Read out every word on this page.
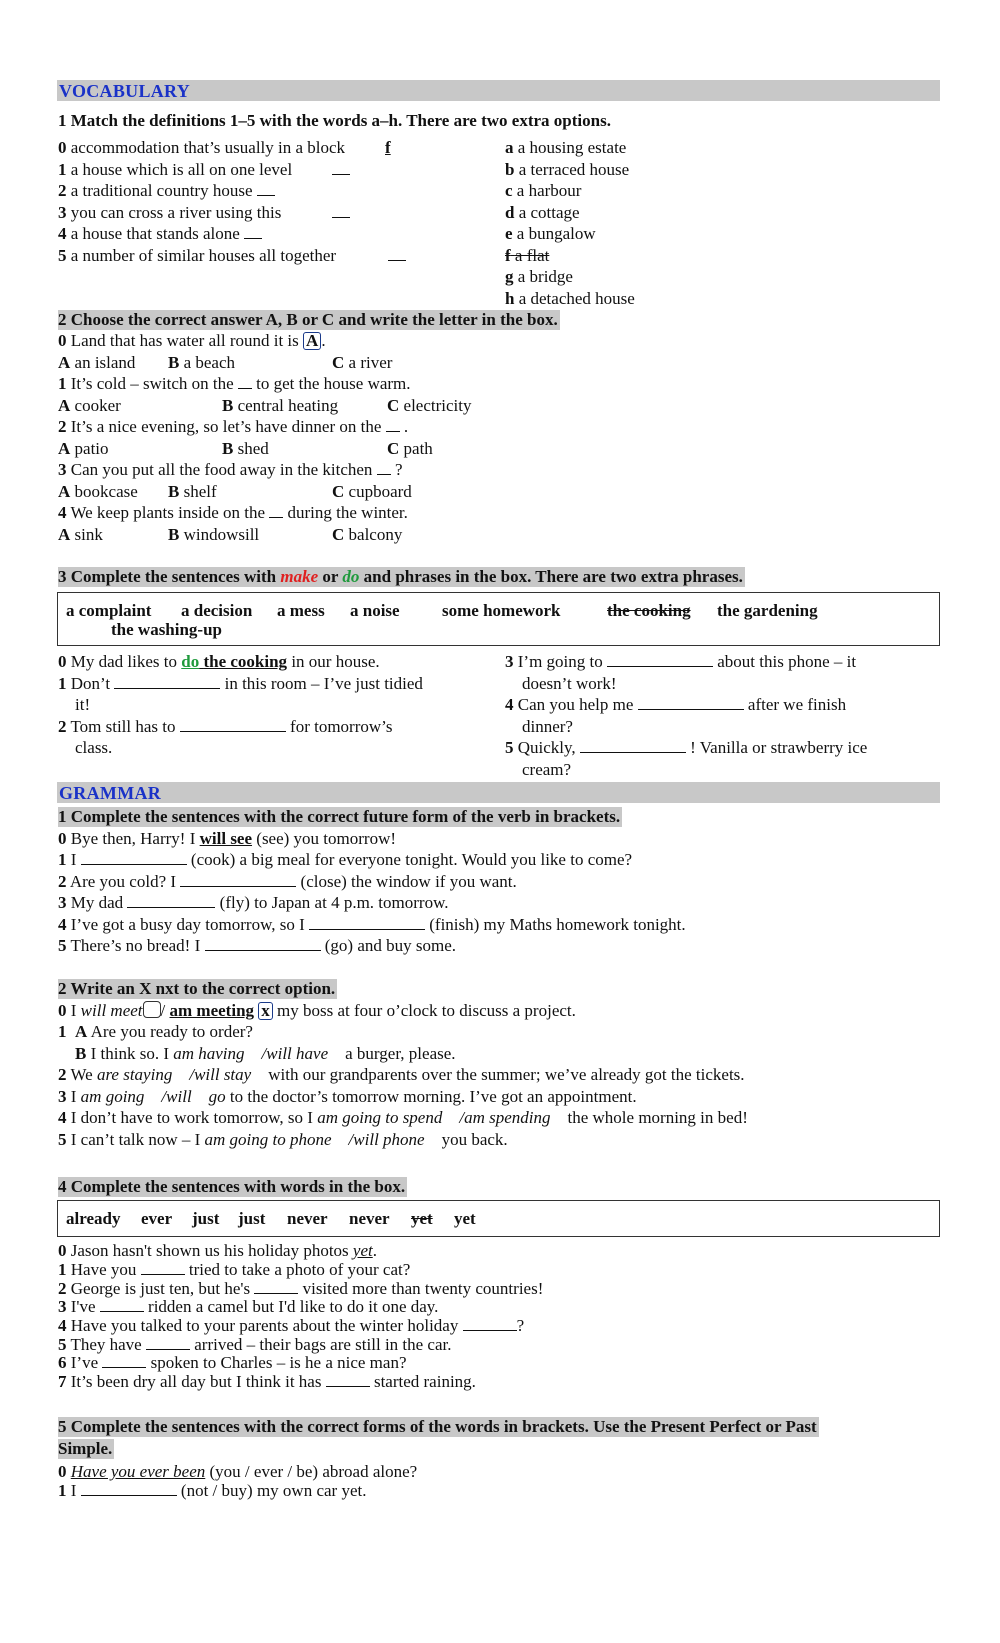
VOCABULARY
1 Match the definitions 1–5 with the words a–h. There are two extra options.
0 accommodation that’s usually in a block f
1 a house which is all on one level
2 a traditional country house
3 you can cross a river using this
4 a house that stands alone
5 a number of similar houses all together
a a housing estate
b a terraced house
c a harbour
d a cottage
e a bungalow
f a flat
g a bridge
h a detached house
2 Choose the correct answer A, B or C and write the letter in the box.
0 Land that has water all round it is A .
A an island B a beach	C a river
1 It’s cold – switch on the to get the house warm.
A cooker	B central heating	C electricity
2 It’s a nice evening, so let’s have dinner on the .
A patio	B shed	C path
3 Can you put all the food away in the kitchen ?
A bookcase B shelf	C cupboard
4 We keep plants inside on the during the winter.
A sink	B windowsill	C balcony
3 Complete the sentences with make or do and phrases in the box. There are two extra phrases.
a complaint a decision a mess a noise some homework	the cooking the gardening
the washing-up
0 My dad likes to do the cooking in our house.
1 Don’t	in this room – I’ve just tidied
it!
2 Tom still has to	for tomorrow’s
class.
3 I’m going to	about this phone – it
doesn’t work!
4 Can you help me	after we finish
dinner?
5 Quickly,	! Vanilla or strawberry ice
cream?
GRAMMAR
1 Complete the sentences with the correct future form of the verb in brackets.
0 Bye then, Harry! I will see (see) you tomorrow!
1 I	(cook) a big meal for everyone tonight. Would you like to come?
2 Are you cold? I	(close) the window if you want.
3 My dad	(fly) to Japan at 4 p.m. tomorrow.
4 I’ve got a busy day tomorrow, so I	(finish) my Maths homework tonight.
5 There’s no bread! I	(go) and buy some.
2 Write an X nxt to the correct option.
0 I will meet / am meeting x my boss at four o’clock to discuss a project.
1 A Are you ready to order?
B I think so. I am having /will have a burger, please.
2 We are staying /will stay with our grandparents over the summer; we’ve already got the tickets.
3 I am going /will go to the doctor’s tomorrow morning. I’ve got an appointment.
4 I don’t have to work tomorrow, so I am going to spend /am spending the whole morning in bed!
5 I can’t talk now – I am going to phone /will phone you back.
4 Complete the sentences with words in the box.
already ever just just never never yet yet
0 Jason hasn't shown us his holiday photos yet.
1 Have you	tried to take a photo of your cat?
2 George is just ten, but he's	visited more than twenty countries!
3 I've	ridden a camel but I'd like to do it one day.
4 Have you talked to your parents about the winter holiday	?
5 They have	arrived – their bags are still in the car.
6 I’ve	spoken to Charles – is he a nice man?
7 It’s been dry all day but I think it has	started raining.
5 Complete the sentences with the correct forms of the words in brackets. Use the Present Perfect or Past
Simple.
0 Have you ever been (you / ever / be) abroad alone?
1 I	(not / buy) my own car yet.
